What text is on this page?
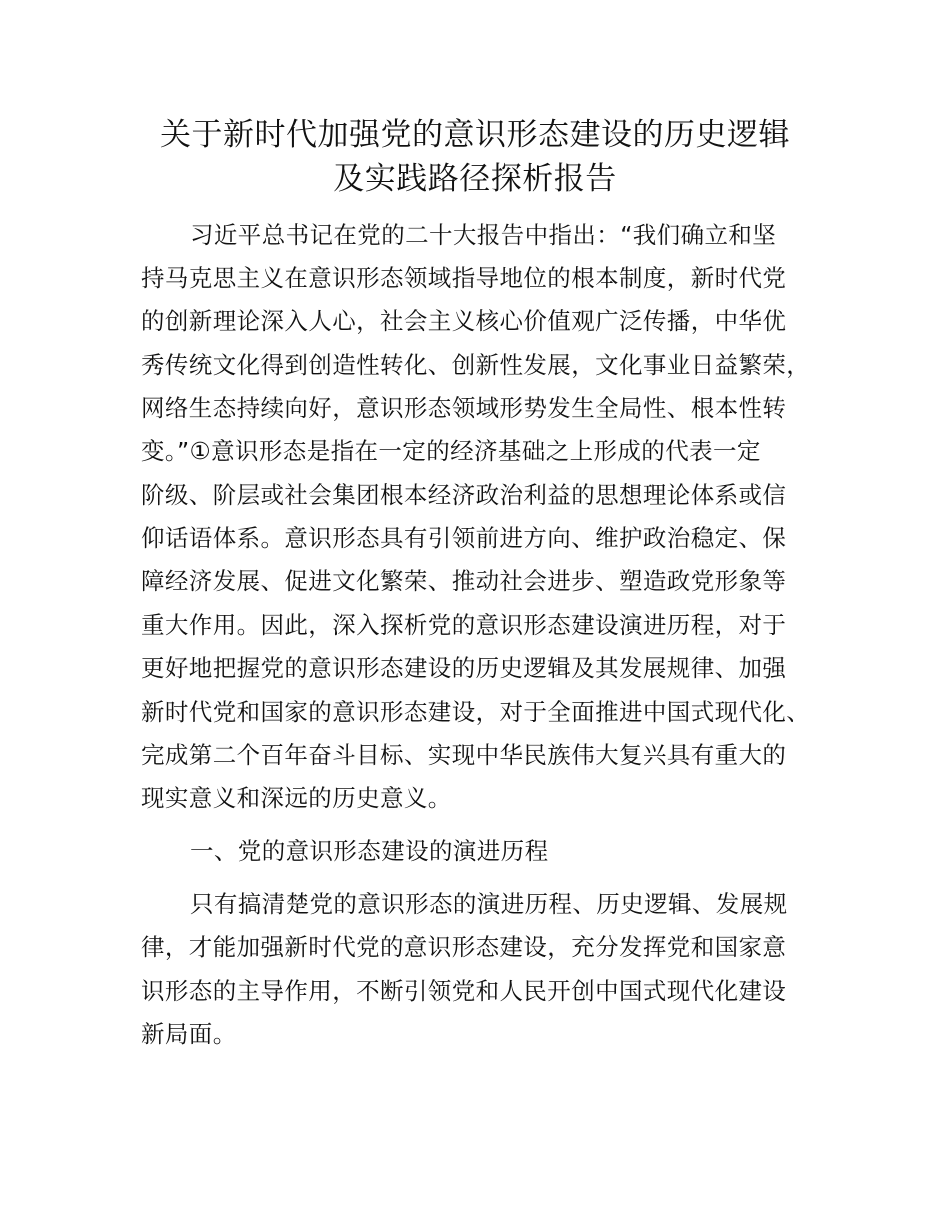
关于新时代加强党的意识形态建设的历史逻辑
及实践路径探析报告

习近平总书记在党的二十大报告中指出：“我们确立和坚

持马克思主义在意识形态领域指导地位的根本制度，新时代党

的创新理论深入人心，社会主义核心价值观广泛传播，中华优

秀传统文化得到创造性转化、创新性发展，文化事业日益繁荣，

网络生态持续向好，意识形态领域形势发生全局性、根本性转

变。”①意识形态是指在一定的经济基础之上形成的代表一定

阶级、阶层或社会集团根本经济政治利益的思想理论体系或信

仰话语体系。意识形态具有引领前进方向、维护政治稳定、保

障经济发展、促进文化繁荣、推动社会进步、塑造政党形象等

重大作用。因此，深入探析党的意识形态建设演进历程，对于

更好地把握党的意识形态建设的历史逻辑及其发展规律、加强

新时代党和国家的意识形态建设，对于全面推进中国式现代化、

完成第二个百年奋斗目标、实现中华民族伟大复兴具有重大的

现实意义和深远的历史意义。

一、党的意识形态建设的演进历程

只有搞清楚党的意识形态的演进历程、历史逻辑、发展规

律，才能加强新时代党的意识形态建设，充分发挥党和国家意

识形态的主导作用，不断引领党和人民开创中国式现代化建设

新局面。
